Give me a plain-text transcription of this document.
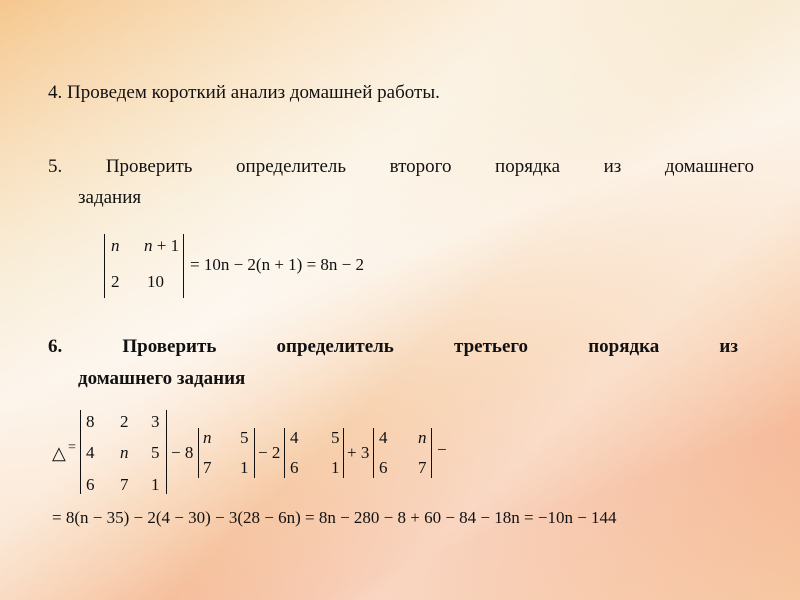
4. Проведем короткий анализ домашней работы.
5. Проверить определитель второго порядка из домашнего
задания
n n + 1
2 10
= 10n − 2(n + 1) = 8n − 2
6. Проверить определитель третьего порядка из
домашнего задания
△ =
8 2 3
4 n 5
6 7 1
− 8
n 5
7 1
− 2
4 5
6 1
+ 3
4 n
6 7
−
= 8(n − 35) − 2(4 − 30) − 3(28 − 6n) = 8n − 280 − 8 + 60 − 84 − 18n = −10n − 144
